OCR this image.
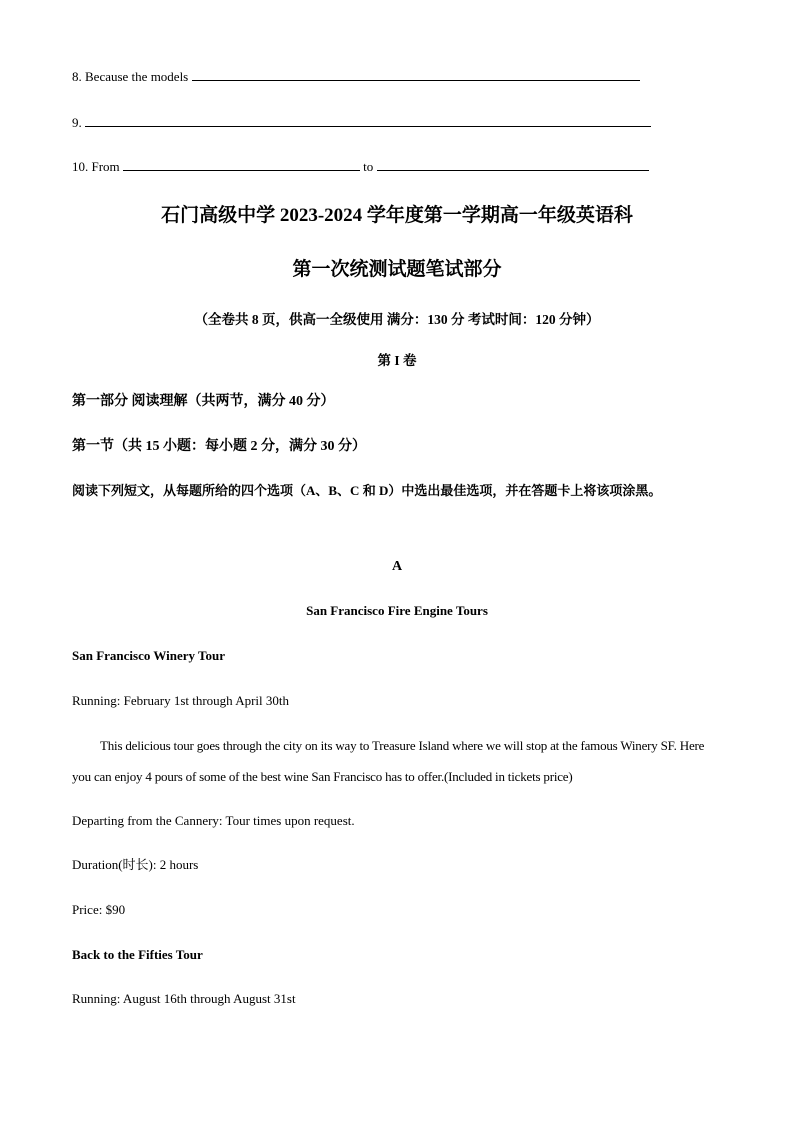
8. Because the models
9.
10. From	to
石门高级中学 2023-2024 学年度第一学期高一年级英语科
第一次统测试题笔试部分
（全卷共 8 页，供高一全级使用 满分：130 分 考试时间：120 分钟）
第 I 卷
第一部分 阅读理解（共两节，满分 40 分）
第一节（共 15 小题：每小题 2 分，满分 30 分）
阅读下列短文，从每题所给的四个选项（A、B、C 和 D）中选出最佳选项，并在答题卡上将该项涂黑。
A
San Francisco Fire Engine Tours
San Francisco Winery Tour
Running: February 1st through April 30th
This delicious tour goes through the city on its way to Treasure Island where we will stop at the famous Winery SF. Here you can enjoy 4 pours of some of the best wine San Francisco has to offer.(Included in tickets price)
Departing from the Cannery: Tour times upon request.
Duration(时长): 2 hours
Price: $90
Back to the Fifties Tour
Running: August 16th through August 31st
